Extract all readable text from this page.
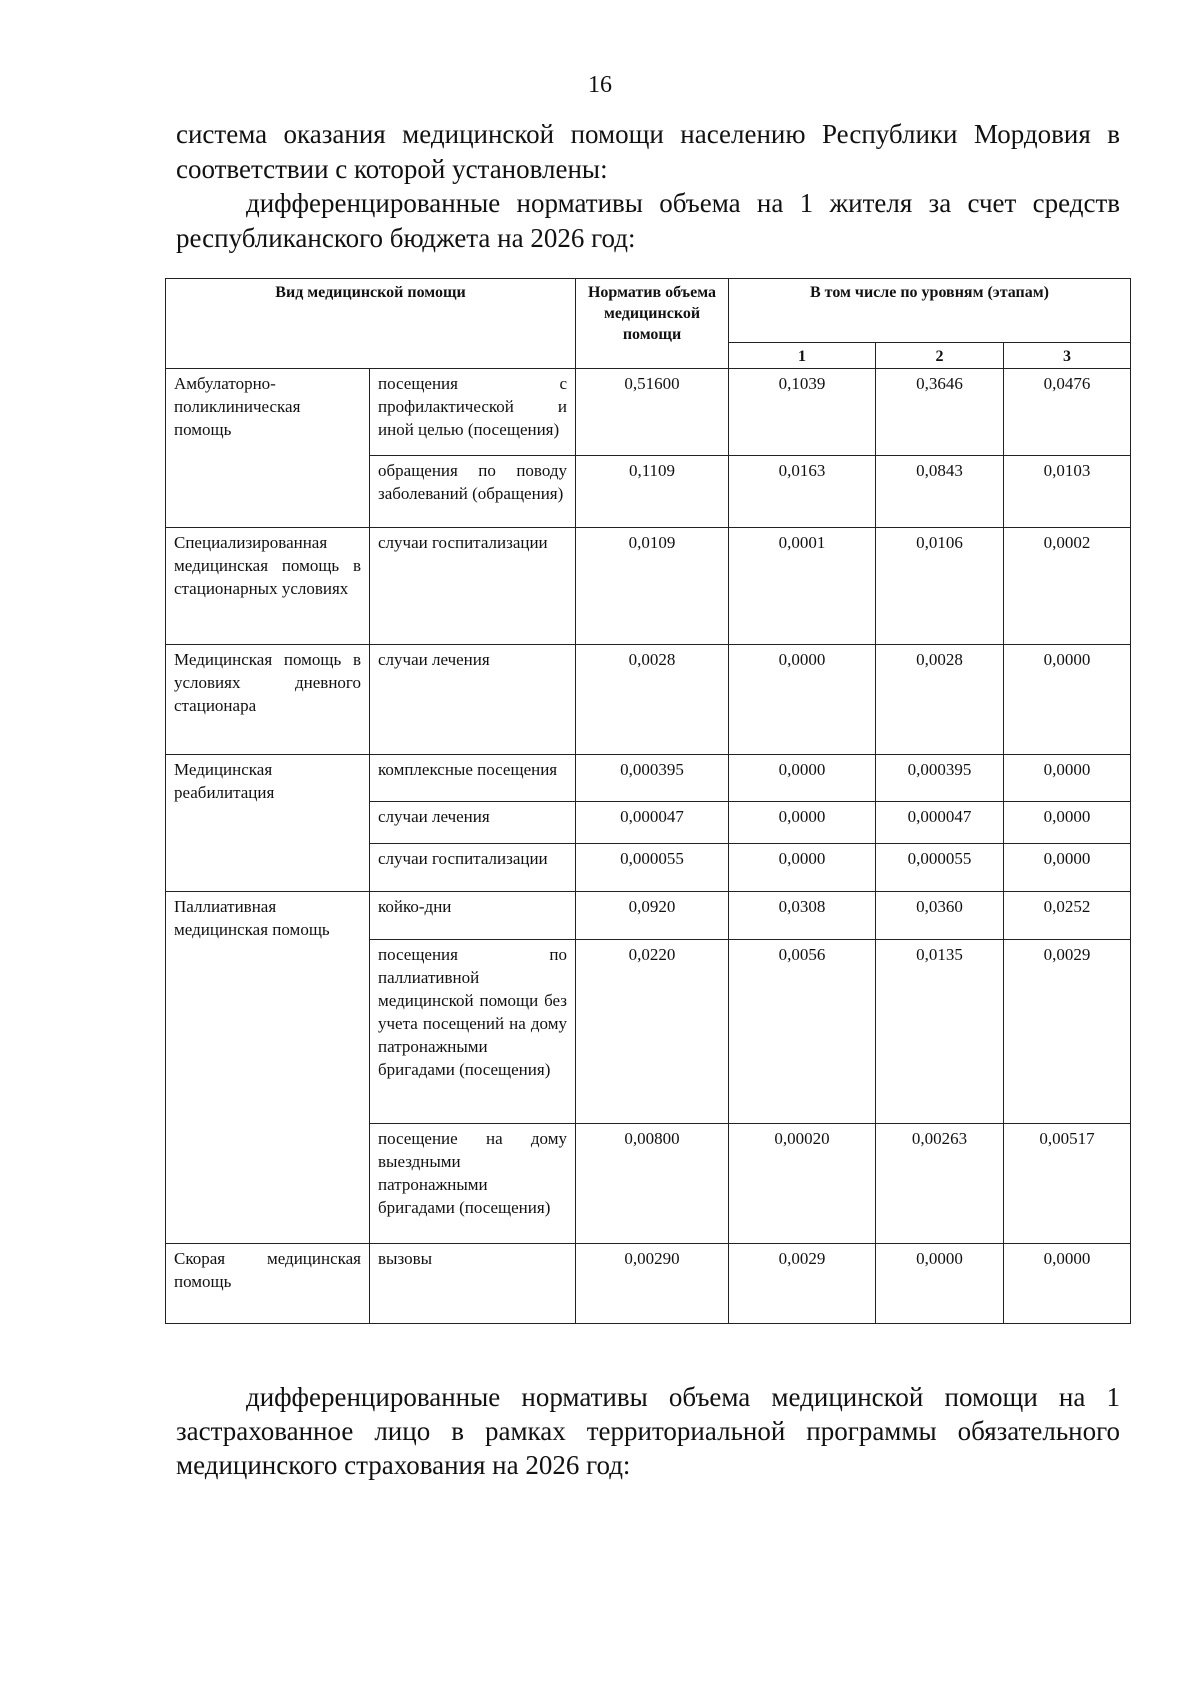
16
система оказания медицинской помощи населению Республики Мордовия в соответствии с которой установлены:
дифференцированные нормативы объема на 1 жителя за счет средств республиканского бюджета на 2026 год:
Вид медицинской помощи		Норматив объема медицинской помощи	В том числе по уровням (этапам)		
			1	2	3
Амбулаторно-поликлиническая помощь	посещения с профилактической и иной целью (посещения)	0,51600	0,1039	0,3646	0,0476
	обращения по поводу заболеваний (обращения)	0,1109	0,0163	0,0843	0,0103
Специализированная медицинская помощь в стационарных условиях	случаи госпитализации	0,0109	0,0001	0,0106	0,0002
Медицинская помощь в условиях дневного стационара	случаи лечения	0,0028	0,0000	0,0028	0,0000
Медицинская реабилитация	комплексные посещения	0,000395	0,0000	0,000395	0,0000
	случаи лечения	0,000047	0,0000	0,000047	0,0000
	случаи госпитализации	0,000055	0,0000	0,000055	0,0000
Паллиативная медицинская помощь	койко-дни	0,0920	0,0308	0,0360	0,0252
	посещения по паллиативной медицинской помощи без учета посещений на дому патронажными бригадами (посещения)	0,0220	0,0056	0,0135	0,0029
	посещение на дому выездными патронажными бригадами (посещения)	0,00800	0,00020	0,00263	0,00517
Скорая медицинская помощь	вызовы	0,00290	0,0029	0,0000	0,0000
дифференцированные нормативы объема медицинской помощи на 1 застрахованное лицо в рамках территориальной программы обязательного медицинского страхования на 2026 год:
